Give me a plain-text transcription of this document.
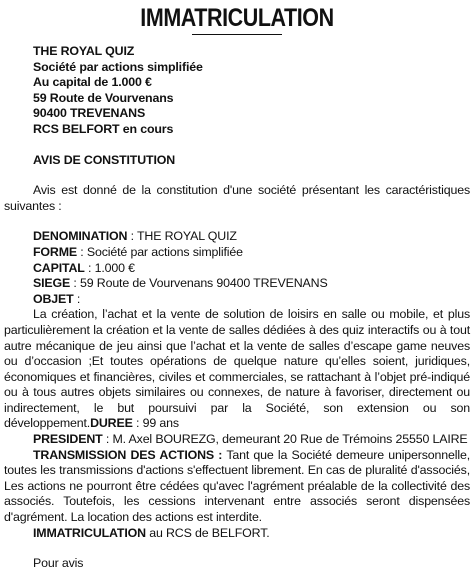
IMMATRICULATION
THE ROYAL QUIZ
Société par actions simplifiée
Au capital de 1.000 €
59 Route de Vourvenans
90400 TREVENANS
RCS BELFORT en cours
AVIS DE CONSTITUTION
Avis est donné de la constitution d'une société présentant les caractéristiques suivantes :
DENOMINATION : THE ROYAL QUIZ
FORME : Société par actions simplifiée
CAPITAL : 1.000 €
SIEGE : 59 Route de Vourvenans 90400 TREVENANS
OBJET :
La création, l’achat et la vente de solution de loisirs en salle ou mobile, et plus particulièrement la création et la vente de salles dédiées à des quiz interactifs ou à tout autre mécanique de jeu ainsi que l’achat et la vente de salles d’escape game neuves ou d’occasion ;Et toutes opérations de quelque nature qu’elles soient, juridiques, économiques et financières, civiles et commerciales, se rattachant à l’objet pré-indiqué ou à tous autres objets similaires ou connexes, de nature à favoriser, directement ou indirectement, le but poursuivi par la Société, son extension ou son développement.DUREE : 99 ans
PRESIDENT : M. Axel BOUREZG, demeurant 20 Rue de Trémoins 25550 LAIRE
TRANSMISSION DES ACTIONS : Tant que la Société demeure unipersonnelle, toutes les transmissions d'actions s'effectuent librement. En cas de pluralité d'associés, Les actions ne pourront être cédées qu'avec l'agrément préalable de la collectivité des associés. Toutefois, les cessions intervenant entre associés seront dispensées d'agrément. La location des actions est interdite.
IMMATRICULATION au RCS de BELFORT.
Pour avis
